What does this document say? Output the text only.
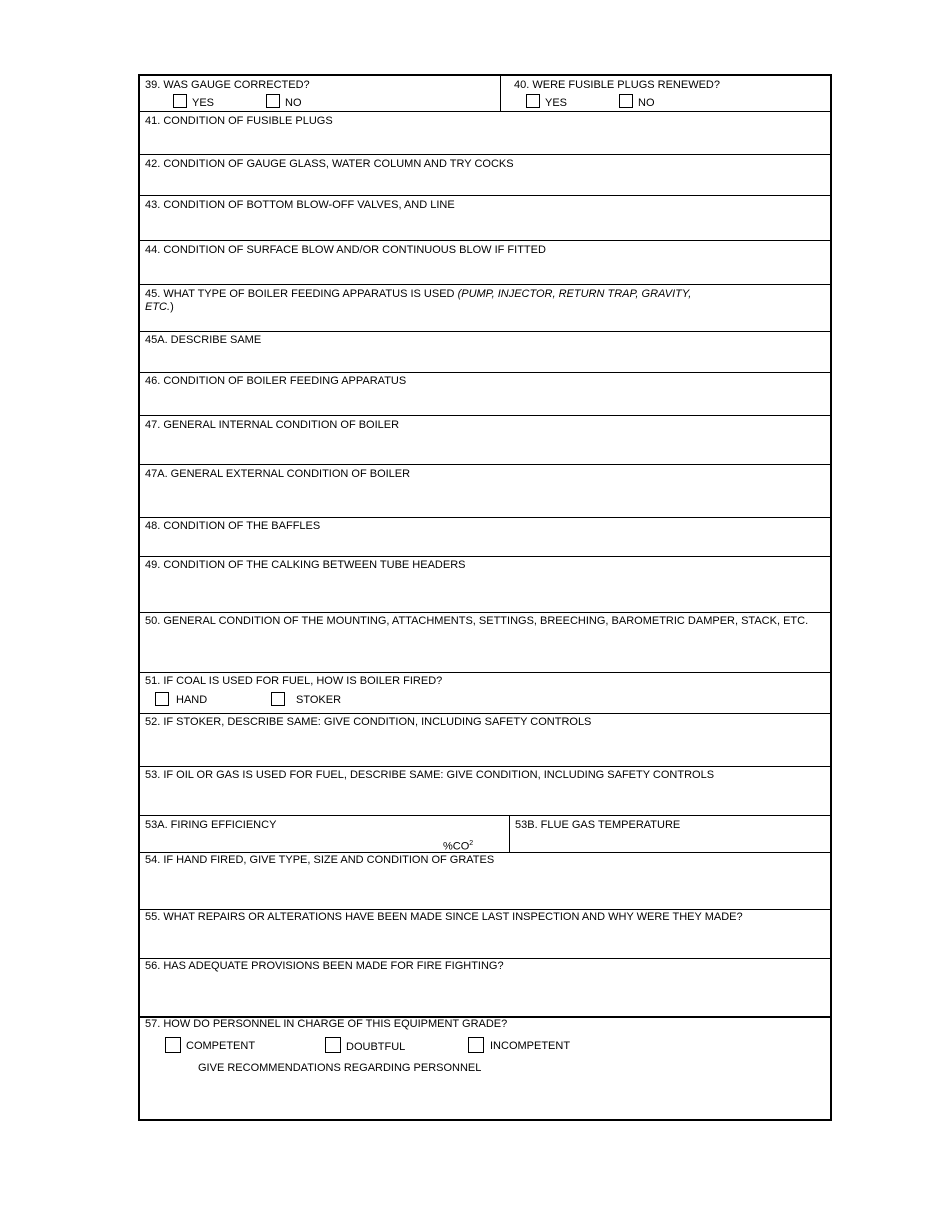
39. WAS GAUGE CORRECTED?
YES	NO
40. WERE FUSIBLE PLUGS RENEWED?
YES	NO
41. CONDITION OF FUSIBLE PLUGS
42. CONDITION OF GAUGE GLASS, WATER COLUMN AND TRY COCKS
43. CONDITION OF BOTTOM BLOW-OFF VALVES, AND LINE
44. CONDITION OF SURFACE BLOW AND/OR CONTINUOUS BLOW IF FITTED
45. WHAT TYPE OF BOILER FEEDING APPARATUS IS USED (PUMP, INJECTOR, RETURN TRAP, GRAVITY, ETC.)
45A. DESCRIBE SAME
46. CONDITION OF BOILER FEEDING APPARATUS
47. GENERAL INTERNAL CONDITION OF BOILER
47A. GENERAL EXTERNAL CONDITION OF BOILER
48. CONDITION OF THE BAFFLES
49. CONDITION OF THE CALKING BETWEEN TUBE HEADERS
50. GENERAL CONDITION OF THE MOUNTING, ATTACHMENTS, SETTINGS, BREECHING, BAROMETRIC DAMPER, STACK, ETC.
51. IF COAL IS USED FOR FUEL, HOW IS BOILER FIRED?
HAND	STOKER
52. IF STOKER, DESCRIBE SAME: GIVE CONDITION, INCLUDING SAFETY CONTROLS
53. IF OIL OR GAS IS USED FOR FUEL, DESCRIBE SAME: GIVE CONDITION, INCLUDING SAFETY CONTROLS
53A. FIRING EFFICIENCY
$\%CO^2$
53B. FLUE GAS TEMPERATURE
54. IF HAND FIRED, GIVE TYPE, SIZE AND CONDITION OF GRATES
55. WHAT REPAIRS OR ALTERATIONS HAVE BEEN MADE SINCE LAST INSPECTION AND WHY WERE THEY MADE?
56. HAS ADEQUATE PROVISIONS BEEN MADE FOR FIRE FIGHTING?
57. HOW DO PERSONNEL IN CHARGE OF THIS EQUIPMENT GRADE?
COMPETENT	DOUBTFUL	INCOMPETENT
GIVE RECOMMENDATIONS REGARDING PERSONNEL
